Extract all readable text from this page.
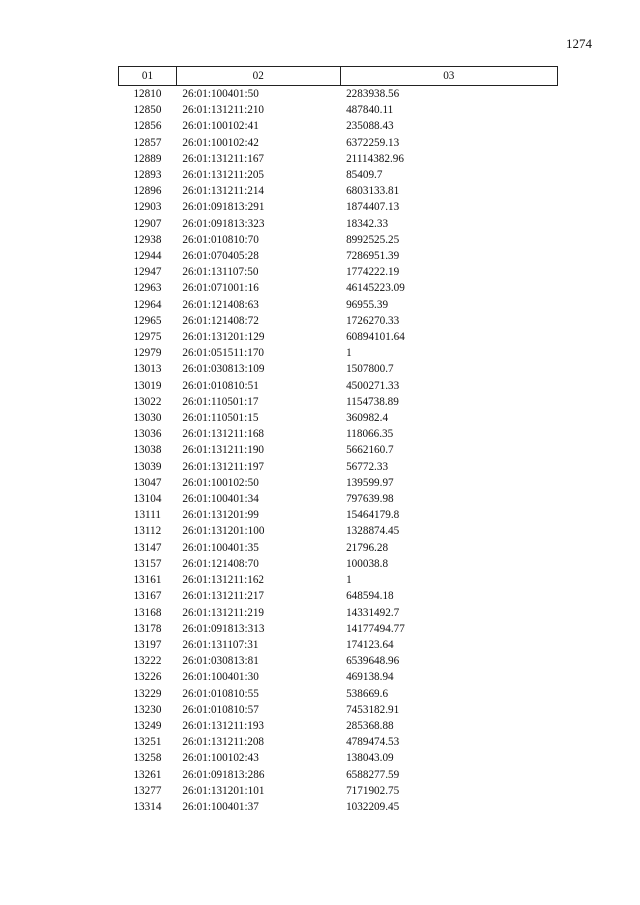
1274
01	02	03
12810	26:01:100401:50	2283938.56
12850	26:01:131211:210	487840.11
12856	26:01:100102:41	235088.43
12857	26:01:100102:42	6372259.13
12889	26:01:131211:167	21114382.96
12893	26:01:131211:205	85409.7
12896	26:01:131211:214	6803133.81
12903	26:01:091813:291	1874407.13
12907	26:01:091813:323	18342.33
12938	26:01:010810:70	8992525.25
12944	26:01:070405:28	7286951.39
12947	26:01:131107:50	1774222.19
12963	26:01:071001:16	46145223.09
12964	26:01:121408:63	96955.39
12965	26:01:121408:72	1726270.33
12975	26:01:131201:129	60894101.64
12979	26:01:051511:170	1
13013	26:01:030813:109	1507800.7
13019	26:01:010810:51	4500271.33
13022	26:01:110501:17	1154738.89
13030	26:01:110501:15	360982.4
13036	26:01:131211:168	118066.35
13038	26:01:131211:190	5662160.7
13039	26:01:131211:197	56772.33
13047	26:01:100102:50	139599.97
13104	26:01:100401:34	797639.98
13111	26:01:131201:99	15464179.8
13112	26:01:131201:100	1328874.45
13147	26:01:100401:35	21796.28
13157	26:01:121408:70	100038.8
13161	26:01:131211:162	1
13167	26:01:131211:217	648594.18
13168	26:01:131211:219	14331492.7
13178	26:01:091813:313	14177494.77
13197	26:01:131107:31	174123.64
13222	26:01:030813:81	6539648.96
13226	26:01:100401:30	469138.94
13229	26:01:010810:55	538669.6
13230	26:01:010810:57	7453182.91
13249	26:01:131211:193	285368.88
13251	26:01:131211:208	4789474.53
13258	26:01:100102:43	138043.09
13261	26:01:091813:286	6588277.59
13277	26:01:131201:101	7171902.75
13314	26:01:100401:37	1032209.45
